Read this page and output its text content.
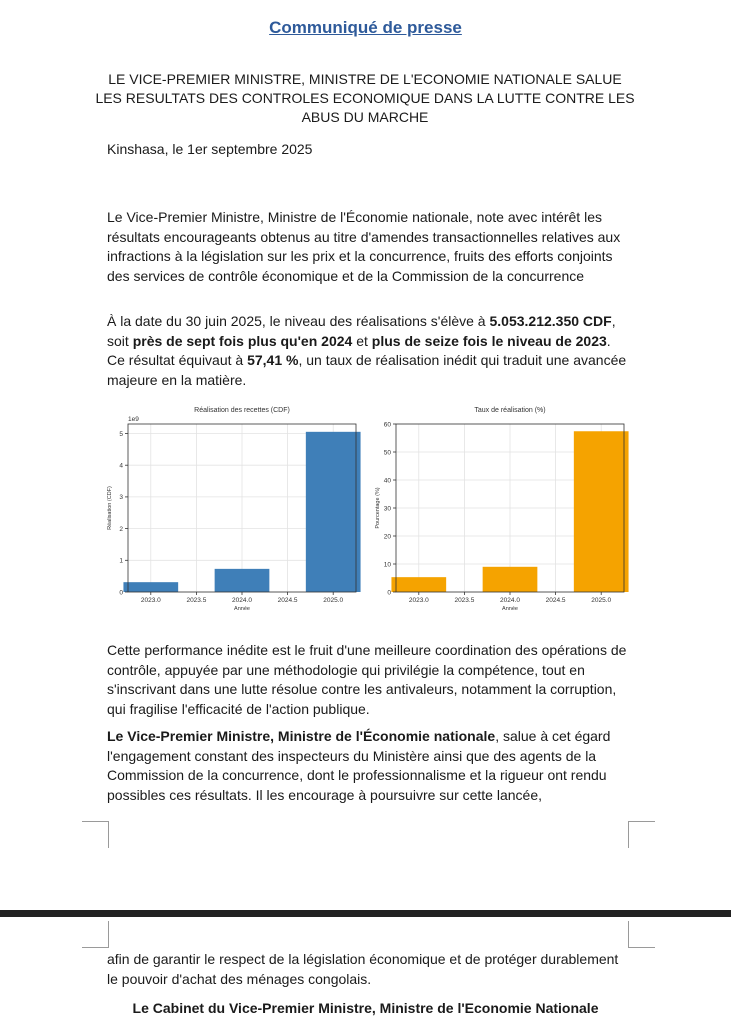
Communiqué de presse

LE VICE-PREMIER MINISTRE, MINISTRE DE L'ECONOMIE NATIONALE SALUE

LES RESULTATS DES CONTROLES ECONOMIQUE DANS LA LUTTE CONTRE LES

ABUS DU MARCHE

Kinshasa, le 1er septembre 2025

Le Vice-Premier Ministre, Ministre de l'Économie nationale, note avec intérêt les résultats encourageants obtenus au titre d'amendes transactionnelles relatives aux infractions à la législation sur les prix et la concurrence, fruits des efforts conjoints des services de contrôle économique et de la Commission de la concurrence

À la date du 30 juin 2025, le niveau des réalisations s'élève à 5.053.212.350 CDF, soit près de sept fois plus qu'en 2024 et plus de seize fois le niveau de 2023. Ce résultat équivaut à 57,41 %, un taux de réalisation inédit qui traduit une avancée majeure en la matière.

Réalisation des recettes (CDF)
1e9
2023.0	2023.5	2024.0	2024.5	2025.0
0
1
2
3
4
5
Année
Réalisation (CDF)
Taux de réalisation (%)
2023.0	2023.5	2024.0	2024.5	2025.0
0
10
20
30
40
50
60
Année
Pourcentage (%)

Cette performance inédite est le fruit d'une meilleure coordination des opérations de contrôle, appuyée par une méthodologie qui privilégie la compétence, tout en s'inscrivant dans une lutte résolue contre les antivaleurs, notamment la corruption, qui fragilise l'efficacité de l'action publique.

Le Vice-Premier Ministre, Ministre de l'Économie nationale, salue à cet égard l'engagement constant des inspecteurs du Ministère ainsi que des agents de la Commission de la concurrence, dont le professionnalisme et la rigueur ont rendu possibles ces résultats. Il les encourage à poursuivre sur cette lancée,

afin de garantir le respect de la législation économique et de protéger durablement le pouvoir d'achat des ménages congolais.

Le Cabinet du Vice-Premier Ministre, Ministre de l'Economie Nationale
